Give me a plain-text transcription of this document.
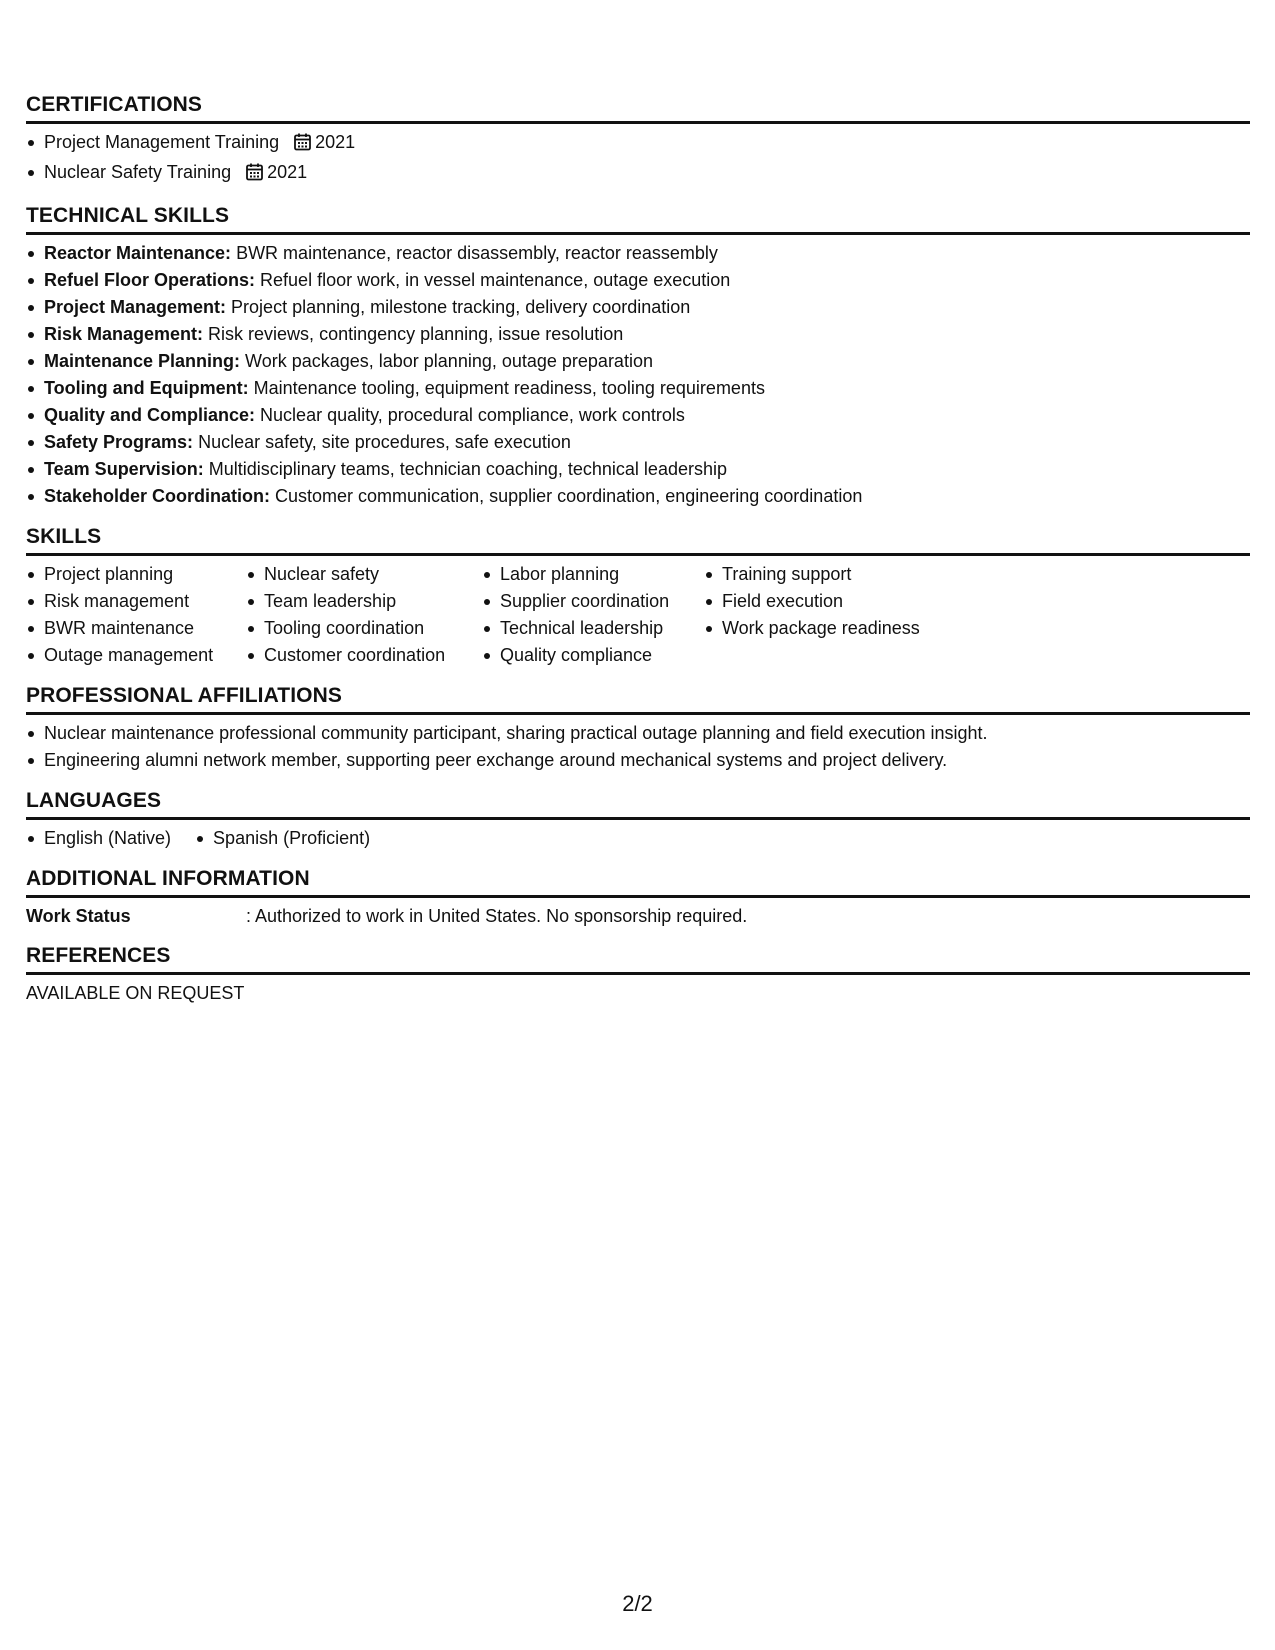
CERTIFICATIONS
Project Management Training 2021
Nuclear Safety Training 2021
TECHNICAL SKILLS
Reactor Maintenance: BWR maintenance, reactor disassembly, reactor reassembly
Refuel Floor Operations: Refuel floor work, in vessel maintenance, outage execution
Project Management: Project planning, milestone tracking, delivery coordination
Risk Management: Risk reviews, contingency planning, issue resolution
Maintenance Planning: Work packages, labor planning, outage preparation
Tooling and Equipment: Maintenance tooling, equipment readiness, tooling requirements
Quality and Compliance: Nuclear quality, procedural compliance, work controls
Safety Programs: Nuclear safety, site procedures, safe execution
Team Supervision: Multidisciplinary teams, technician coaching, technical leadership
Stakeholder Coordination: Customer communication, supplier coordination, engineering coordination
SKILLS
Project planning
Risk management
BWR maintenance
Outage management
Nuclear safety
Team leadership
Tooling coordination
Customer coordination
Labor planning
Supplier coordination
Technical leadership
Quality compliance
Training support
Field execution
Work package readiness
PROFESSIONAL AFFILIATIONS
Nuclear maintenance professional community participant, sharing practical outage planning and field execution insight.
Engineering alumni network member, supporting peer exchange around mechanical systems and project delivery.
LANGUAGES
English (Native)	Spanish (Proficient)
ADDITIONAL INFORMATION
Work Status	: Authorized to work in United States. No sponsorship required.
REFERENCES
AVAILABLE ON REQUEST
2/2
